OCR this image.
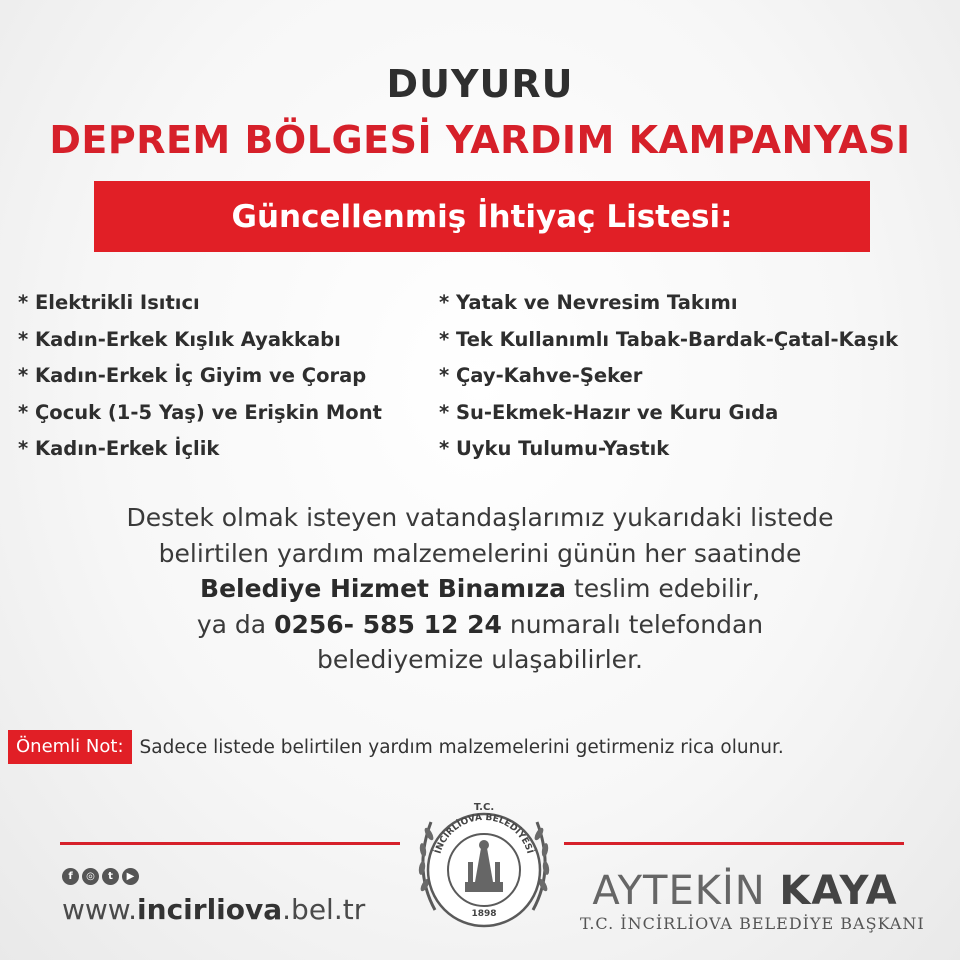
DUYURU
DEPREM BÖLGESİ YARDIM KAMPANYASI
Güncellenmiş İhtiyaç Listesi:
* Elektrikli Isıtıcı
* Kadın-Erkek Kışlık Ayakkabı
* Kadın-Erkek İç Giyim ve Çorap
* Çocuk (1-5 Yaş) ve Erişkin Mont
* Kadın-Erkek İçlik
* Yatak ve Nevresim Takımı
* Tek Kullanımlı Tabak-Bardak-Çatal-Kaşık
* Çay-Kahve-Şeker
* Su-Ekmek-Hazır ve Kuru Gıda
* Uyku Tulumu-Yastık
Destek olmak isteyen vatandaşlarımız yukarıdaki listede
belirtilen yardım malzemelerini günün her saatinde
Belediye Hizmet Binamıza teslim edebilir,
ya da 0256- 585 12 24 numaralı telefondan
belediyemize ulaşabilirler.
Önemli Not: Sadece listede belirtilen yardım malzemelerini getirmeniz rica olunur.
T.C.
İNCİRLİOVA BELEDİYESİ
1898
f	◎	t	▶
www.incirliova.bel.tr	AYTEKİN KAYA
T.C. İNCİRLİOVA BELEDİYE BAŞKANI
